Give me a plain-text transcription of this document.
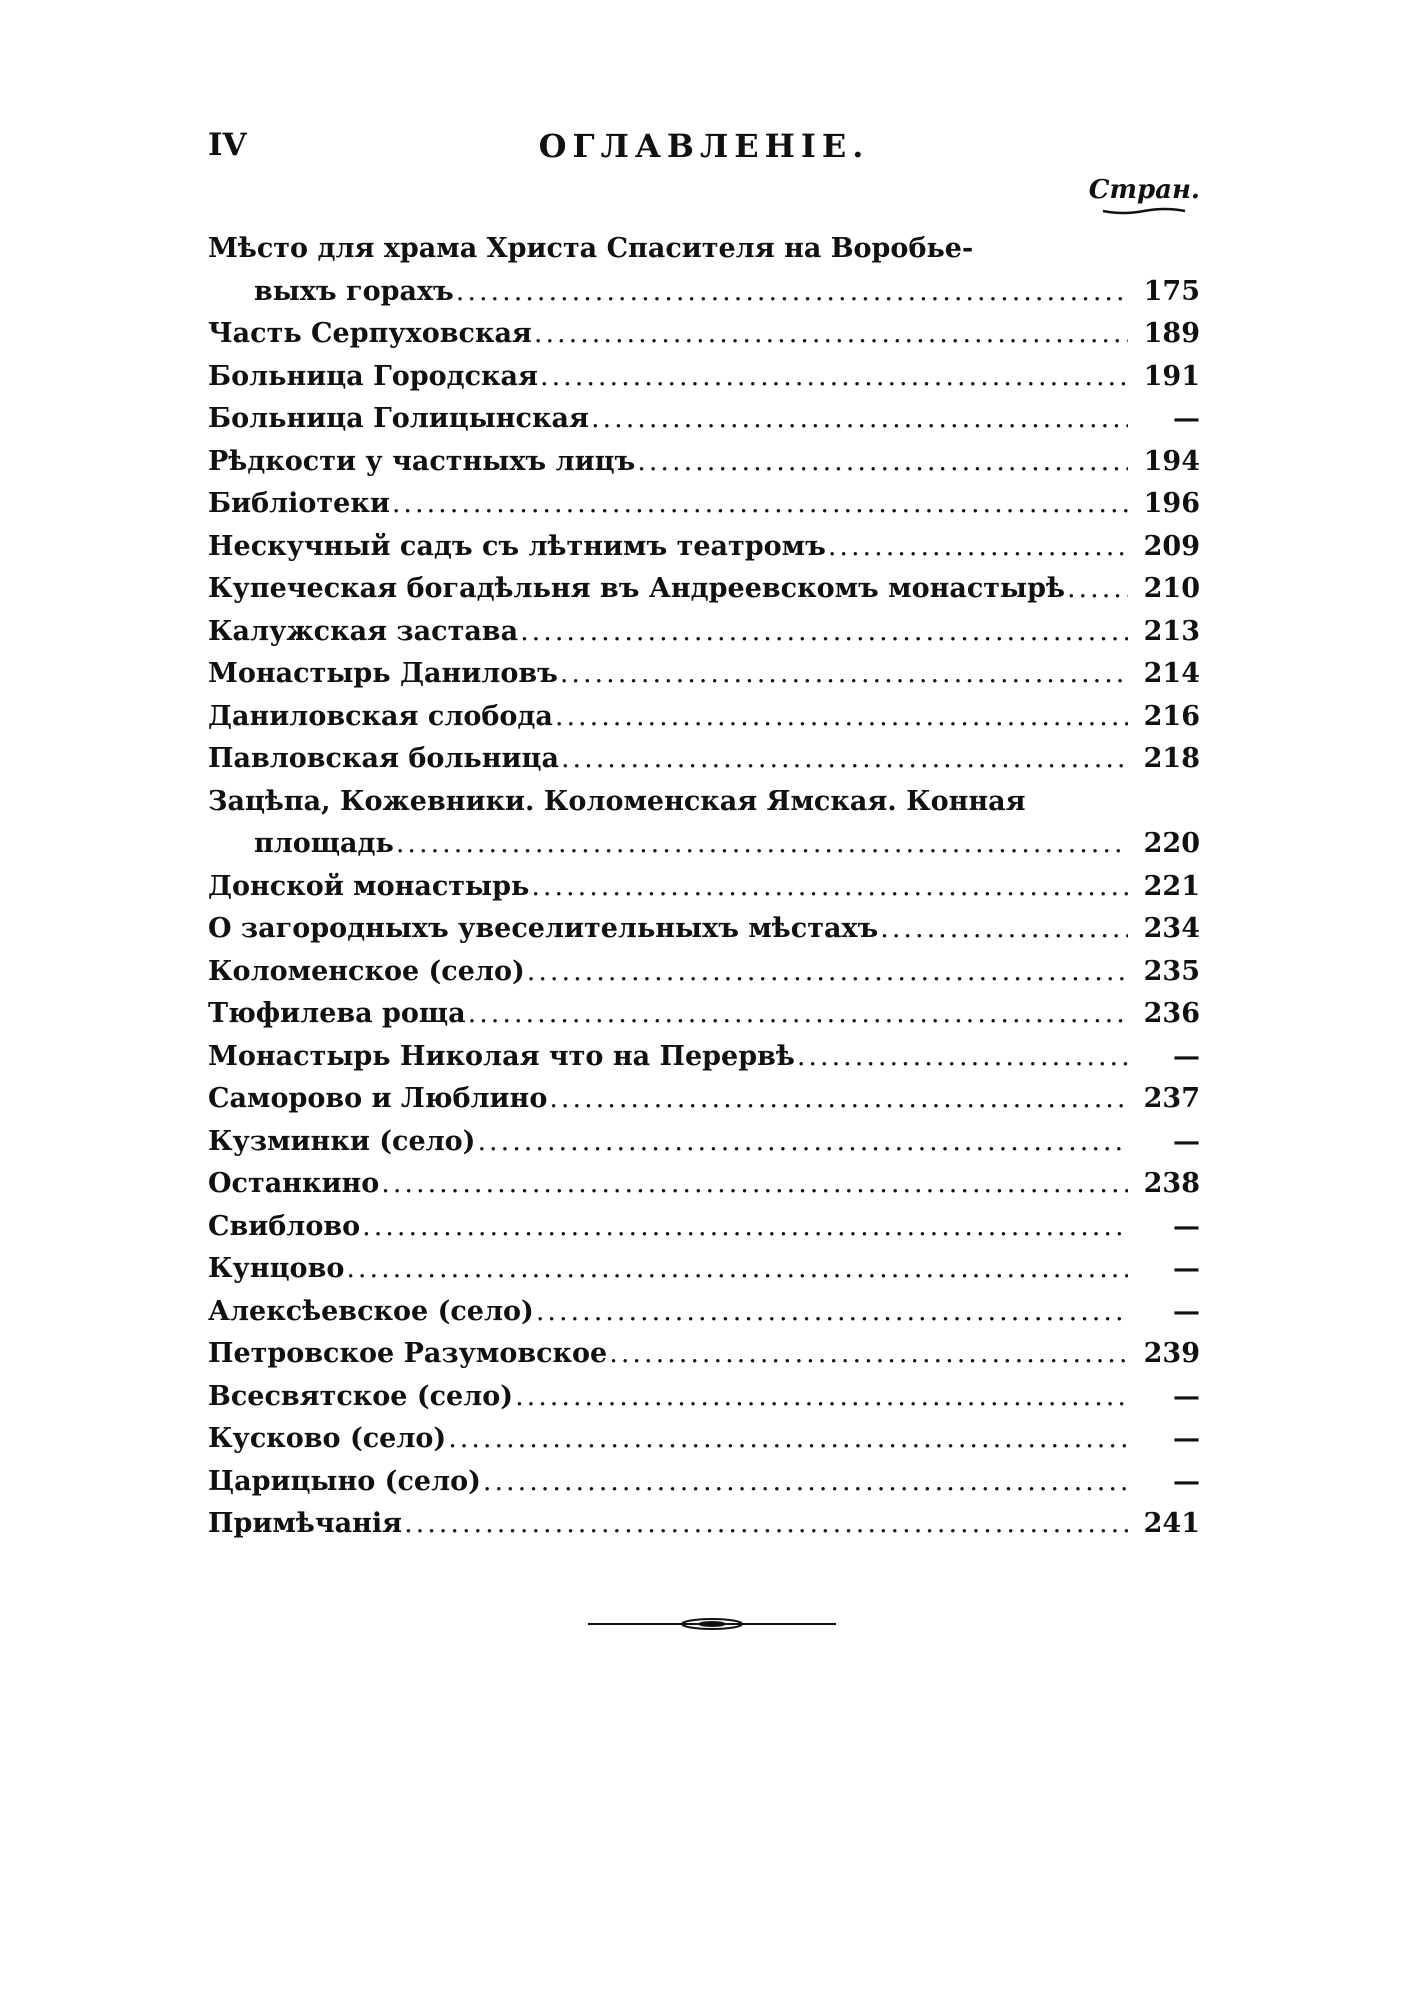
IV	ОГЛАВЛЕНІЕ.
Стран.
Мѣсто для храма Христа Спасителя на Воробье-
выхъ горахъ .....	175
Часть Серпуховская .....	189
Больница Городская .....	191
Больница Голицынская .....	—
Рѣдкости у частныхъ лицъ .....	194
Библіотеки .....	196
Нескучный садъ съ лѣтнимъ театромъ .....	209
Купеческая богадѣльня въ Андреевскомъ монастырѣ .....	210
Калужская застава .....	213
Монастырь Даниловъ .....	214
Даниловская слобода .....	216
Павловская больница .....	218
Зацѣпа, Кожевники. Коломенская Ямская. Конная
площадь .....	220
Донской монастырь .....	221
О загородныхъ увеселительныхъ мѣстахъ .....	234
Коломенское (село) .....	235
Тюфилева роща .....	236
Монастырь Николая что на Перервѣ .....	—
Саморово и Люблино .....	237
Кузминки (село) .....	—
Останкино .....	238
Свиблово .....	—
Кунцово .....	—
Алексѣевское (село) .....	—
Петровское Разумовское .....	239
Всесвятское (село) .....	—
Кусково (село) .....	—
Царицыно (село) .....	—
Примѣчанія .....	241
